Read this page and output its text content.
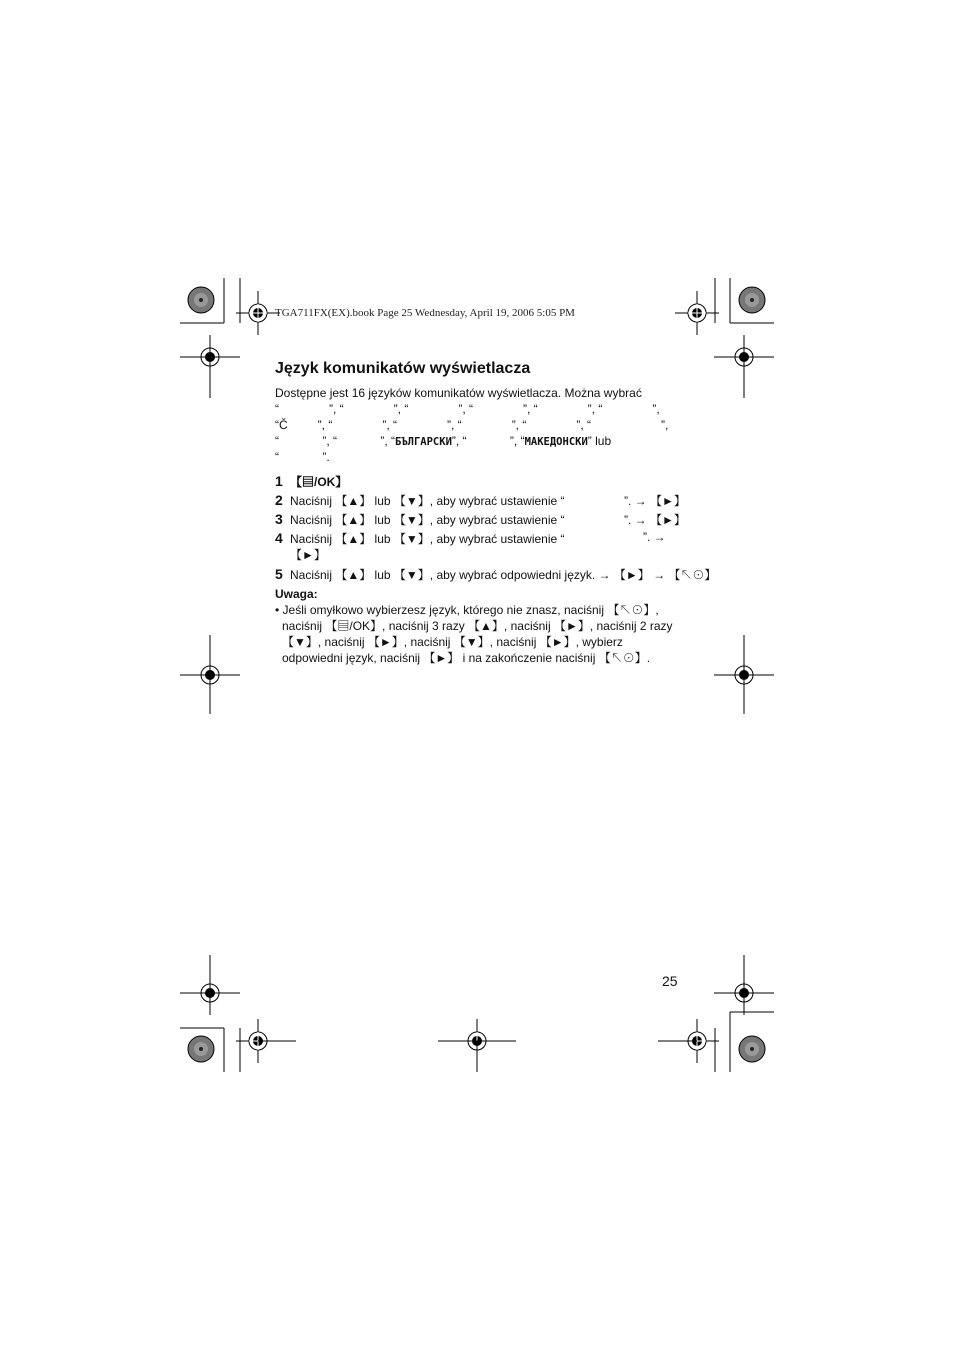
TGA711FX(EX).book Page 25 Wednesday, April 19, 2006 5:05 PM
Język komunikatów wyświetlacza
Dostępne jest 16 języków komunikatów wyświetlacza. Można wybrać
“               ”, “               ”, “               ”, “               ”, “               ”, “               ”,
“Č         ”, “               ”, “               ”, “               ”, “               ”, “                     ”,
“             ”, “             ”, “БЪЛГАРСКИ”, “             ”, “МАКЕДОНСКИ” lub
“             ”.
1 【▤/OK】
2 Naciśnij 【▲】 lub 【▼】, aby wybrać ustawienie “	”. → 【►】
3 Naciśnij 【▲】 lub 【▼】, aby wybrać ustawienie “	”. → 【►】
4 Naciśnij 【▲】 lub 【▼】, aby wybrać ustawienie “	”. →
【►】
5 Naciśnij 【▲】 lub 【▼】, aby wybrać odpowiedni język. → 【►】 → 【↖⊙】
Uwaga:
• Jeśli omyłkowo wybierzesz język, którego nie znasz, naciśnij 【↖⊙】, naciśnij 【▤/OK】, naciśnij 3 razy 【▲】, naciśnij 【►】, naciśnij 2 razy 【▼】, naciśnij 【►】, naciśnij 【▼】, naciśnij 【►】, wybierz odpowiedni język, naciśnij 【►】 i na zakończenie naciśnij 【↖⊙】.
25
